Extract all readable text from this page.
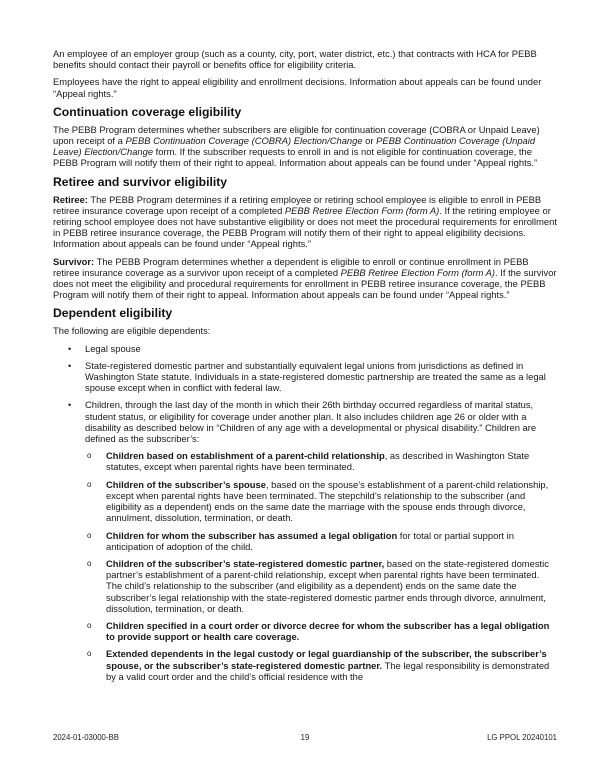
An employee of an employer group (such as a county, city, port, water district, etc.) that contracts with HCA for PEBB benefits should contact their payroll or benefits office for eligibility criteria.

Employees have the right to appeal eligibility and enrollment decisions. Information about appeals can be found under “Appeal rights.”

Continuation coverage eligibility

The PEBB Program determines whether subscribers are eligible for continuation coverage (COBRA or Unpaid Leave) upon receipt of a PEBB Continuation Coverage (COBRA) Election/Change or PEBB Continuation Coverage (Unpaid Leave) Election/Change form. If the subscriber requests to enroll in and is not eligible for continuation coverage, the PEBB Program will notify them of their right to appeal. Information about appeals can be found under “Appeal rights.”

Retiree and survivor eligibility

Retiree: The PEBB Program determines if a retiring employee or retiring school employee is eligible to enroll in PEBB retiree insurance coverage upon receipt of a completed PEBB Retiree Election Form (form A). If the retiring employee or retiring school employee does not have substantive eligibility or does not meet the procedural requirements for enrollment in PEBB retiree insurance coverage, the PEBB Program will notify them of their right to appeal eligibility decisions. Information about appeals can be found under “Appeal rights.”

Survivor: The PEBB Program determines whether a dependent is eligible to enroll or continue enrollment in PEBB retiree insurance coverage as a survivor upon receipt of a completed PEBB Retiree Election Form (form A). If the survivor does not meet the eligibility and procedural requirements for enrollment in PEBB retiree insurance coverage, the PEBB Program will notify them of their right to appeal. Information about appeals can be found under “Appeal rights.”

Dependent eligibility

The following are eligible dependents:

• Legal spouse
• State-registered domestic partner and substantially equivalent legal unions from jurisdictions as defined in Washington State statute. Individuals in a state-registered domestic partnership are treated the same as a legal spouse except when in conflict with federal law.
• Children, through the last day of the month in which their 26th birthday occurred regardless of marital status, student status, or eligibility for coverage under another plan. It also includes children age 26 or older with a disability as described below in “Children of any age with a developmental or physical disability.” Children are defined as the subscriber’s:
o Children based on establishment of a parent-child relationship, as described in Washington State statutes, except when parental rights have been terminated.
o Children of the subscriber’s spouse, based on the spouse’s establishment of a parent-child relationship, except when parental rights have been terminated. The stepchild’s relationship to the subscriber (and eligibility as a dependent) ends on the same date the marriage with the spouse ends through divorce, annulment, dissolution, termination, or death.
o Children for whom the subscriber has assumed a legal obligation for total or partial support in anticipation of adoption of the child.
o Children of the subscriber’s state-registered domestic partner, based on the state-registered domestic partner’s establishment of a parent-child relationship, except when parental rights have been terminated. The child’s relationship to the subscriber (and eligibility as a dependent) ends on the same date the subscriber’s legal relationship with the state-registered domestic partner ends through divorce, annulment, dissolution, termination, or death.
o Children specified in a court order or divorce decree for whom the subscriber has a legal obligation to provide support or health care coverage.
o Extended dependents in the legal custody or legal guardianship of the subscriber, the subscriber’s spouse, or the subscriber’s state-registered domestic partner. The legal responsibility is demonstrated by a valid court order and the child’s official residence with the
2024-01-03000-BB	19	LG PPOL 20240101
